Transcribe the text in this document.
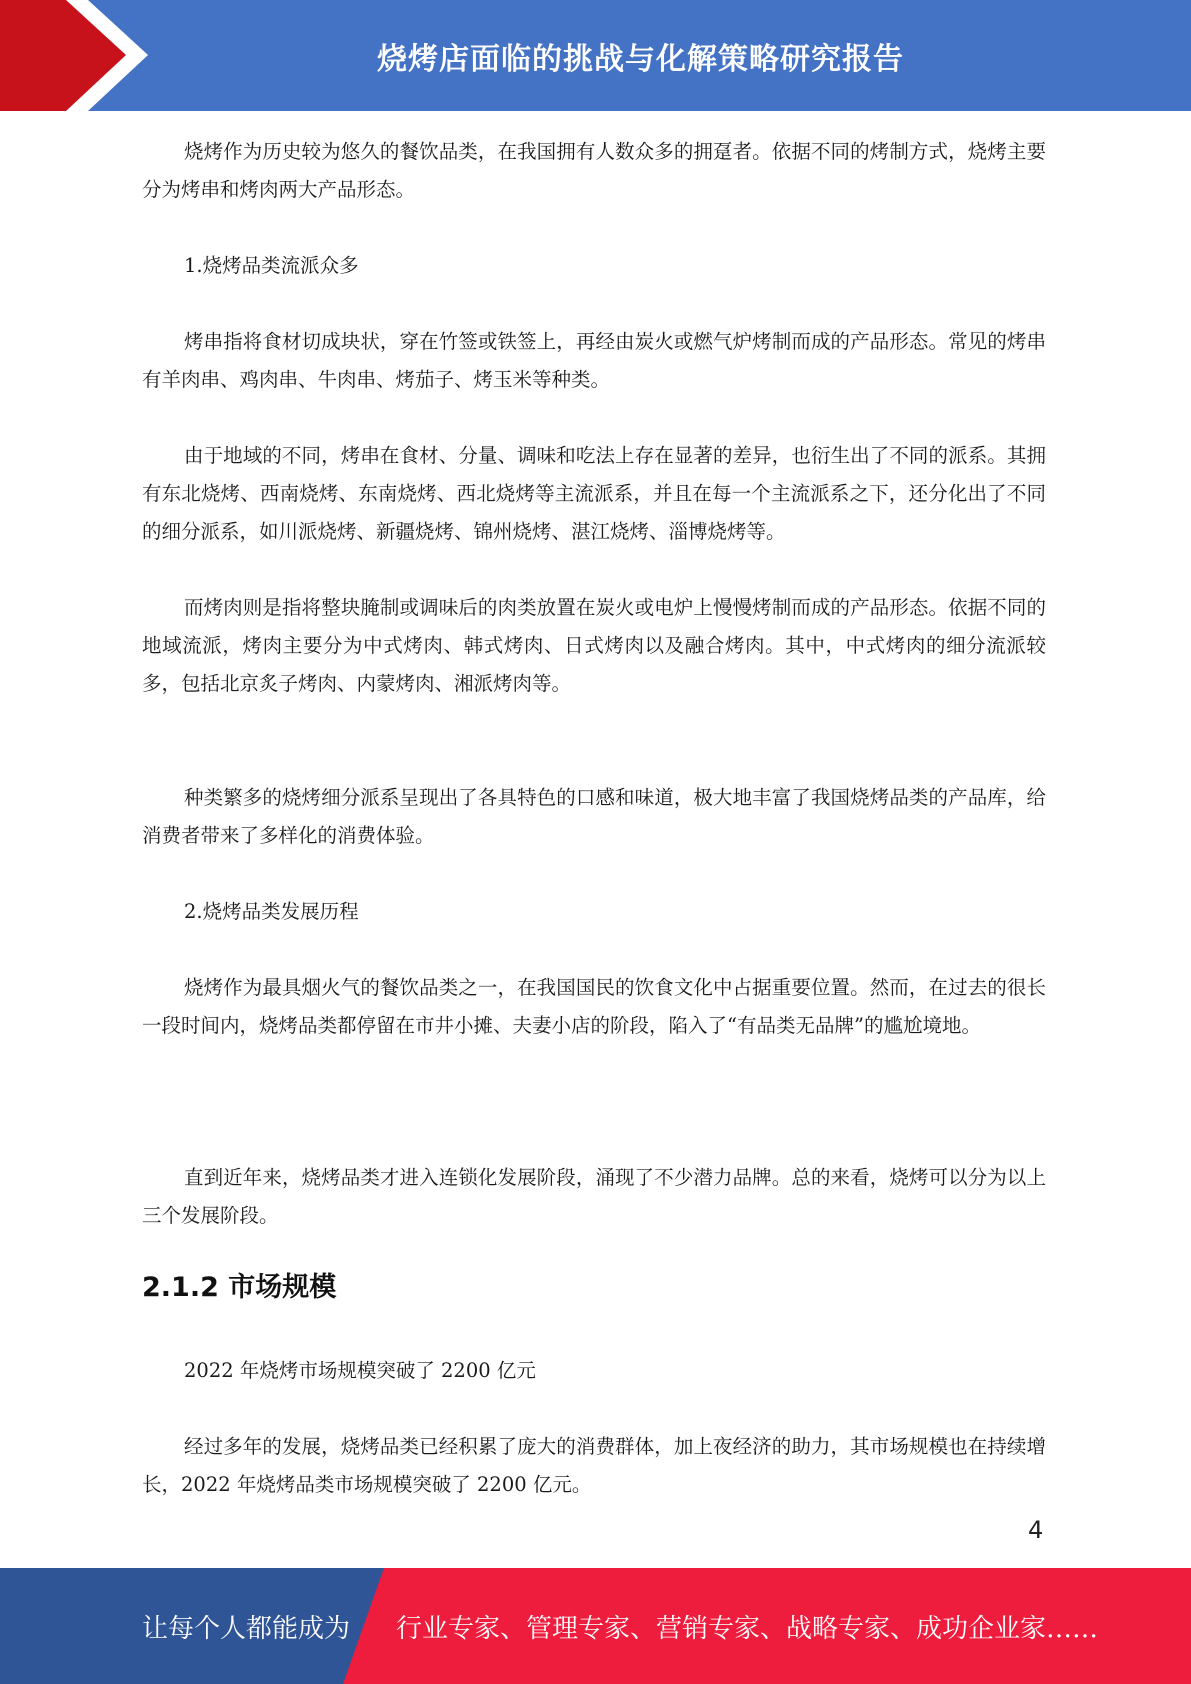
烧烤店面临的挑战与化解策略研究报告

烧烤作为历史较为悠久的餐饮品类，在我国拥有人数众多的拥趸者。依据不同的烤制方式，烧烤主要分为烤串和烤肉两大产品形态。

1.烧烤品类流派众多

烤串指将食材切成块状，穿在竹签或铁签上，再经由炭火或燃气炉烤制而成的产品形态。常见的烤串有羊肉串、鸡肉串、牛肉串、烤茄子、烤玉米等种类。

由于地域的不同，烤串在食材、分量、调味和吃法上存在显著的差异，也衍生出了不同的派系。其拥有东北烧烤、西南烧烤、东南烧烤、西北烧烤等主流派系，并且在每一个主流派系之下，还分化出了不同的细分派系，如川派烧烤、新疆烧烤、锦州烧烤、湛江烧烤、淄博烧烤等。

而烤肉则是指将整块腌制或调味后的肉类放置在炭火或电炉上慢慢烤制而成的产品形态。依据不同的地域流派，烤肉主要分为中式烤肉、韩式烤肉、日式烤肉以及融合烤肉。其中，中式烤肉的细分流派较多，包括北京炙子烤肉、内蒙烤肉、湘派烤肉等。

种类繁多的烧烤细分派系呈现出了各具特色的口感和味道，极大地丰富了我国烧烤品类的产品库，给消费者带来了多样化的消费体验。

2.烧烤品类发展历程

烧烤作为最具烟火气的餐饮品类之一，在我国国民的饮食文化中占据重要位置。然而，在过去的很长一段时间内，烧烤品类都停留在市井小摊、夫妻小店的阶段，陷入了“有品类无品牌”的尴尬境地。

直到近年来，烧烤品类才进入连锁化发展阶段，涌现了不少潜力品牌。总的来看，烧烤可以分为以上三个发展阶段。

2.1.2 市场规模

2022 年烧烤市场规模突破了 2200 亿元

经过多年的发展，烧烤品类已经积累了庞大的消费群体，加上夜经济的助力，其市场规模也在持续增长，2022 年烧烤品类市场规模突破了 2200 亿元。

4
让每个人都能成为 行业专家、管理专家、营销专家、战略专家、成功企业家……
